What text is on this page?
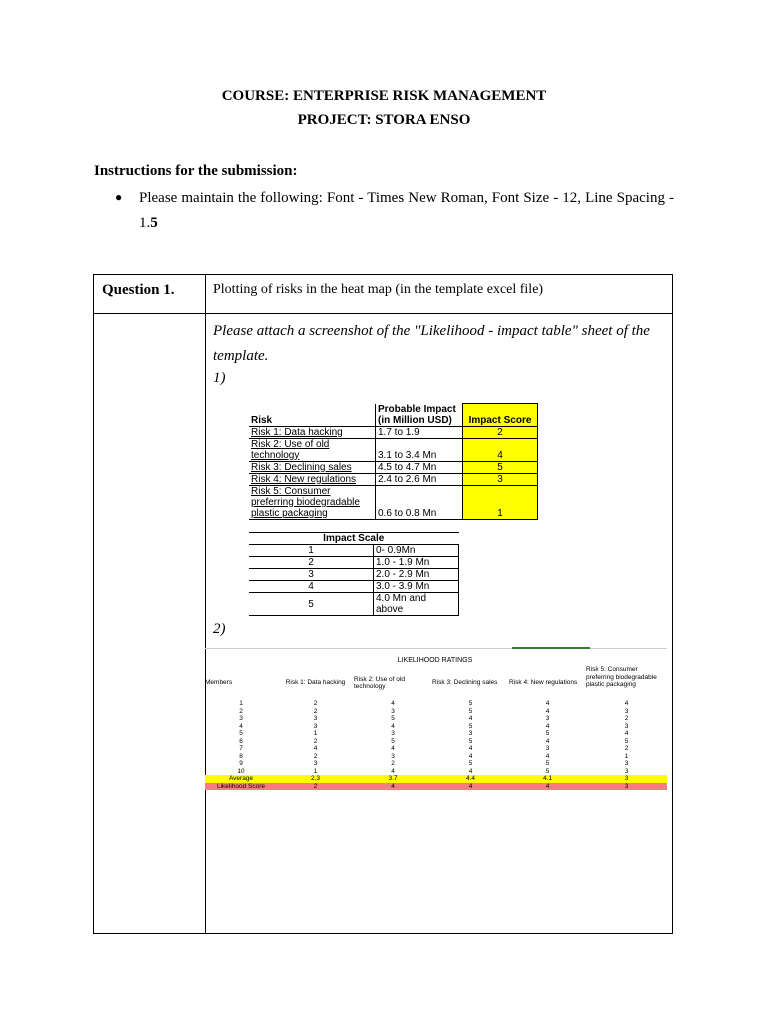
COURSE: ENTERPRISE RISK MANAGEMENT
PROJECT: STORA ENSO
Instructions for the submission:
● Please maintain the following: Font - Times New Roman, Font Size - 12, Line Spacing - 1.5
Question 1.	Plotting of risks in the heat map (in the template excel file)
Please attach a screenshot of the "Likelihood - impact table" sheet of the template.
1)
2)
Risk	Probable Impact (in Million USD)	Impact Score
Risk 1: Data hacking	1.7 to 1.9	2
Risk 2: Use of old technology	3.1 to 3.4 Mn	4
Risk 3: Declining sales	4.5 to 4.7 Mn	5
Risk 4: New regulations	2.4 to 2.6 Mn	3
Risk 5: Consumer preferring biodegradable plastic packaging	0.6 to 0.8 Mn	1
Impact Scale	
1	0- 0.9Mn
2	1.0 - 1.9 Mn
3	2.0 - 2.9 Mn
4	3.0 - 3.9 Mn
5	4.0 Mn and above
LIKELIHOOD RATINGS
Members	Risk 1: Data hacking	Risk 2: Use of old technology	Risk 3: Declining sales	Risk 4: New regulations	Risk 5: Consumer preferring biodegradable plastic packaging
1	2	4	5	4	4
2	2	3	5	4	3
3	3	5	4	3	2
4	3	4	5	4	3
5	1	3	3	5	4
6	2	5	5	4	5
7	4	4	4	3	2
8	2	3	4	4	1
9	3	2	5	5	3
10	1	4	4	5	3
Average	2.3	3.7	4.4	4.1	3
Likelihood Score	2	4	4	4	3
